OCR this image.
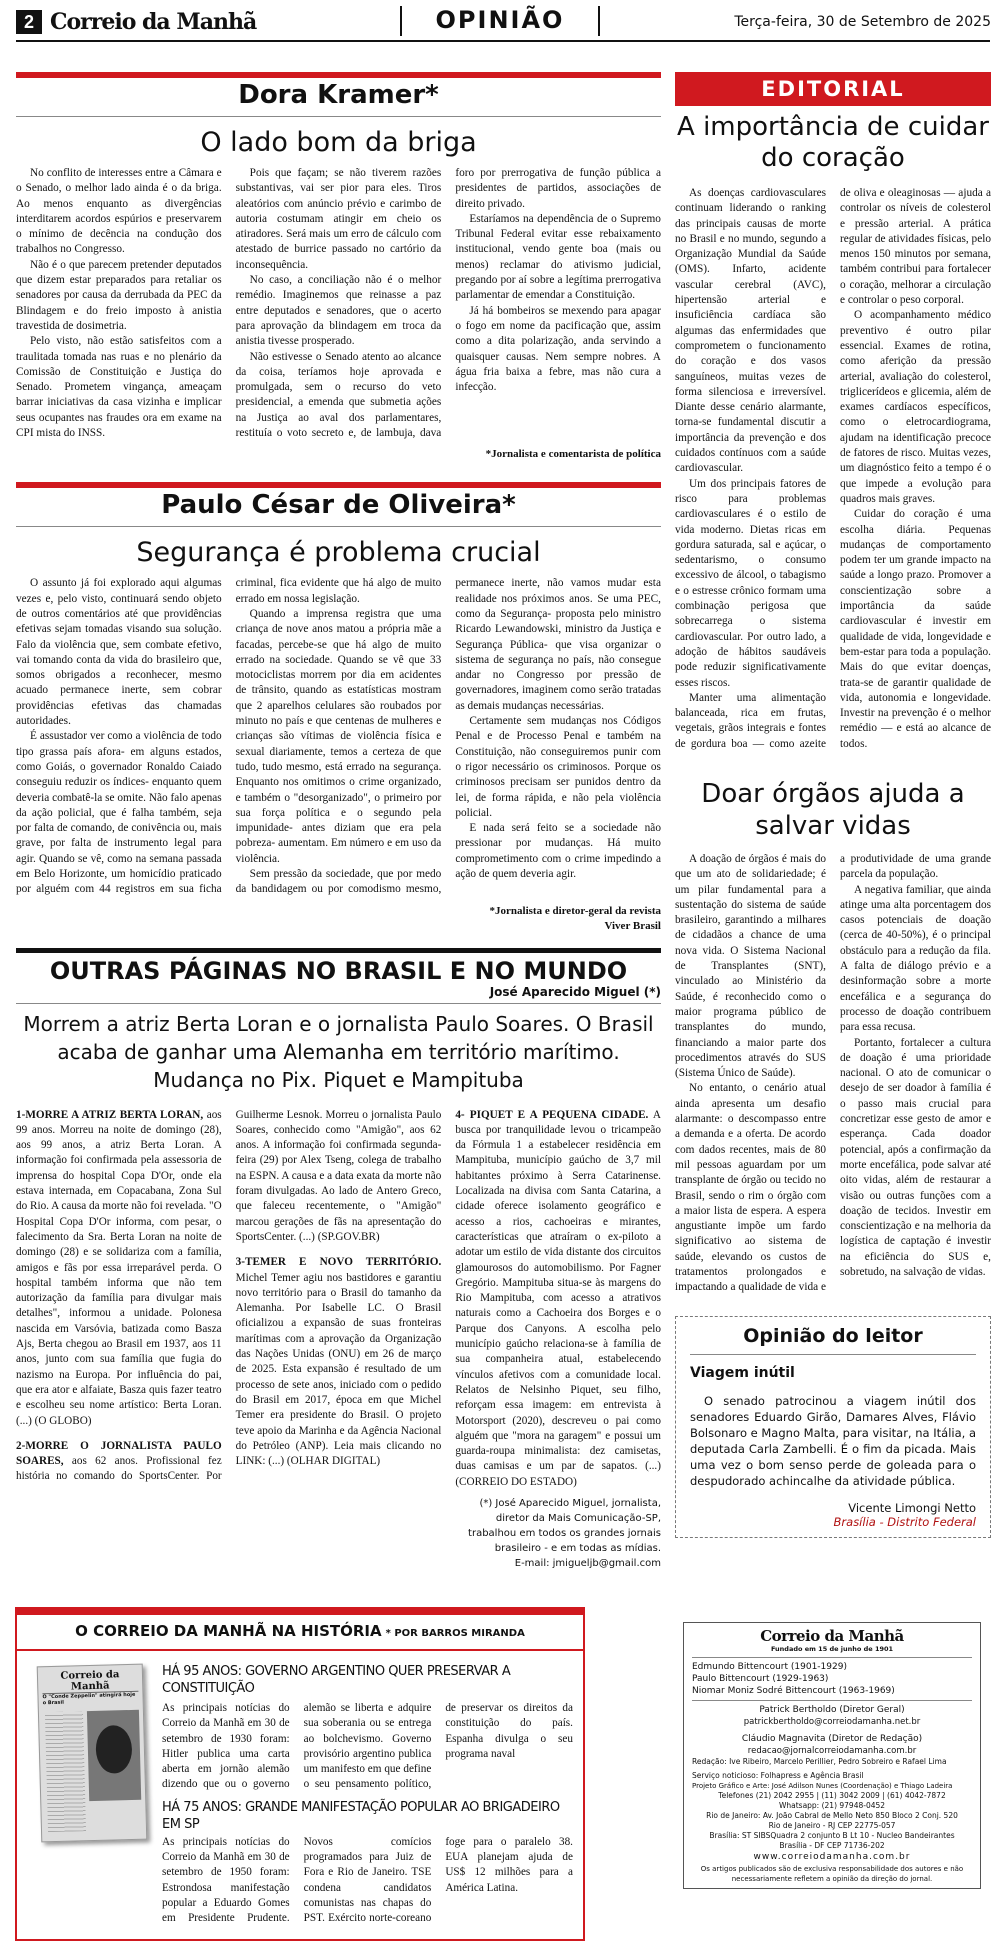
2 Correio da Manhã	OPINIÃO	Terça-feira, 30 de Setembro de 2025
Dora Kramer*
O lado bom da briga

No conflito de interesses entre a Câmara e o Senado, o melhor lado ainda é o da briga. Ao menos enquanto as divergências interditarem acordos espúrios e preservarem o mínimo de decência na condução dos trabalhos no Congresso.

Não é o que parecem pretender deputados que dizem estar preparados para retaliar os senadores por causa da derrubada da PEC da Blindagem e do freio imposto à anistia travestida de dosimetria.

Pelo visto, não estão satisfeitos com a traulitada tomada nas ruas e no plenário da Comissão de Constituição e Justiça do Senado. Prometem vingança, ameaçam barrar iniciativas da casa vizinha e implicar seus ocupantes nas fraudes ora em exame na CPI mista do INSS.

Pois que façam; se não tiverem razões substantivas, vai ser pior para eles. Tiros aleatórios com anúncio prévio e carimbo de autoria costumam atingir em cheio os atiradores. Será mais um erro de cálculo com atestado de burrice passado no cartório da inconsequência.

No caso, a conciliação não é o melhor remédio. Imaginemos que reinasse a paz entre deputados e senadores, que o acerto para aprovação da blindagem em troca da anistia tivesse prosperado.

Não estivesse o Senado atento ao alcance da coisa, teríamos hoje aprovada e promulgada, sem o recurso do veto presidencial, a emenda que submetia ações na Justiça ao aval dos parlamentares, restituía o voto secreto e, de lambuja, dava foro por prerrogativa de função pública a presidentes de partidos, associações de direito privado.

Estaríamos na dependência de o Supremo Tribunal Federal evitar esse rebaixamento institucional, vendo gente boa (mais ou menos) reclamar do ativismo judicial, pregando por aí sobre a legítima prerrogativa parlamentar de emendar a Constituição.

Já há bombeiros se mexendo para apagar o fogo em nome da pacificação que, assim como a dita polarização, anda servindo a quaisquer causas. Nem sempre nobres. A água fria baixa a febre, mas não cura a infecção.

*Jornalista e comentarista de política
Paulo César de Oliveira*
Segurança é problema crucial

O assunto já foi explorado aqui algumas vezes e, pelo visto, continuará sendo objeto de outros comentários até que providências efetivas sejam tomadas visando sua solução. Falo da violência que, sem combate efetivo, vai tomando conta da vida do brasileiro que, somos obrigados a reconhecer, mesmo acuado permanece inerte, sem cobrar providências efetivas das chamadas autoridades.

É assustador ver como a violência de todo tipo grassa país afora- em alguns estados, como Goiás, o governador Ronaldo Caiado conseguiu reduzir os índices- enquanto quem deveria combatê-la se omite. Não falo apenas da ação policial, que é falha também, seja por falta de comando, de conivência ou, mais grave, por falta de instrumento legal para agir. Quando se vê, como na semana passada em Belo Horizonte, um homicídio praticado por alguém com 44 registros em sua ficha criminal, fica evidente que há algo de muito errado em nossa legislação.

Quando a imprensa registra que uma criança de nove anos matou a própria mãe a facadas, percebe-se que há algo de muito errado na sociedade. Quando se vê que 33 motociclistas morrem por dia em acidentes de trânsito, quando as estatísticas mostram que 2 aparelhos celulares são roubados por minuto no país e que centenas de mulheres e crianças são vítimas de violência física e sexual diariamente, temos a certeza de que tudo, tudo mesmo, está errado na segurança. Enquanto nos omitimos o crime organizado, e também o "desorganizado", o primeiro por sua força política e o segundo pela impunidade- antes diziam que era pela pobreza- aumentam. Em número e em uso da violência.

Sem pressão da sociedade, que por medo da bandidagem ou por comodismo mesmo, permanece inerte, não vamos mudar esta realidade nos próximos anos. Se uma PEC, como da Segurança- proposta pelo ministro Ricardo Lewandowski, ministro da Justiça e Segurança Pública- que visa organizar o sistema de segurança no país, não consegue andar no Congresso por pressão de governadores, imaginem como serão tratadas as demais mudanças necessárias.

Certamente sem mudanças nos Códigos Penal e de Processo Penal e também na Constituição, não conseguiremos punir com o rigor necessário os criminosos. Porque os criminosos precisam ser punidos dentro da lei, de forma rápida, e não pela violência policial.

E nada será feito se a sociedade não pressionar por mudanças. Há muito comprometimento com o crime impedindo a ação de quem deveria agir.

*Jornalista e diretor-geral da revista Viver Brasil
OUTRAS PÁGINAS NO BRASIL E NO MUNDO
José Aparecido Miguel (*)
Morrem a atriz Berta Loran e o jornalista Paulo Soares. O Brasil acaba de ganhar uma Alemanha em território marítimo. Mudança no Pix. Piquet e Mampituba

1-MORRE A ATRIZ BERTA LORAN, aos 99 anos. Morreu na noite de domingo (28), aos 99 anos, a atriz Berta Loran. A informação foi confirmada pela assessoria de imprensa do hospital Copa D'Or, onde ela estava internada, em Copacabana, Zona Sul do Rio. A causa da morte não foi revelada. "O Hospital Copa D'Or informa, com pesar, o falecimento da Sra. Berta Loran na noite de domingo (28) e se solidariza com a família, amigos e fãs por essa irreparável perda. O hospital também informa que não tem autorização da família para divulgar mais detalhes", informou a unidade. Polonesa nascida em Varsóvia, batizada como Basza Ajs, Berta chegou ao Brasil em 1937, aos 11 anos, junto com sua família que fugia do nazismo na Europa. Por influência do pai, que era ator e alfaiate, Basza quis fazer teatro e escolheu seu nome artístico: Berta Loran. (...) (O GLOBO)

2-MORRE O JORNALISTA PAULO SOARES, aos 62 anos. Profissional fez história no comando do SportsCenter. Por Guilherme Lesnok. Morreu o jornalista Paulo Soares, conhecido como "Amigão", aos 62 anos. A informação foi confirmada segunda-feira (29) por Alex Tseng, colega de trabalho na ESPN. A causa e a data exata da morte não foram divulgadas. Ao lado de Antero Greco, que faleceu recentemente, o "Amigão" marcou gerações de fãs na apresentação do SportsCenter. (...) (SP.GOV.BR)

3-TEMER E NOVO TERRITÓRIO. Michel Temer agiu nos bastidores e garantiu novo território para o Brasil do tamanho da Alemanha. Por Isabelle LC. O Brasil oficializou a expansão de suas fronteiras marítimas com a aprovação da Organização das Nações Unidas (ONU) em 26 de março de 2025. Esta expansão é resultado de um processo de sete anos, iniciado com o pedido do Brasil em 2017, época em que Michel Temer era presidente do Brasil. O projeto teve apoio da Marinha e da Agência Nacional do Petróleo (ANP). Leia mais clicando no LINK: (...) (OLHAR DIGITAL)

4- PIQUET E A PEQUENA CIDADE. A busca por tranquilidade levou o tricampeão da Fórmula 1 a estabelecer residência em Mampituba, município gaúcho de 3,7 mil habitantes próximo à Serra Catarinense. Localizada na divisa com Santa Catarina, a cidade oferece isolamento geográfico e acesso a rios, cachoeiras e mirantes, características que atraíram o ex-piloto a adotar um estilo de vida distante dos circuitos glamourosos do automobilismo. Por Fagner Gregório. Mampituba situa-se às margens do Rio Mampituba, com acesso a atrativos naturais como a Cachoeira dos Borges e o Parque dos Canyons. A escolha pelo município gaúcho relaciona-se à família de sua companheira atual, estabelecendo vínculos afetivos com a comunidade local. Relatos de Nelsinho Piquet, seu filho, reforçam essa imagem: em entrevista à Motorsport (2020), descreveu o pai como alguém que "mora na garagem" e possui um guarda-roupa minimalista: dez camisetas, duas camisas e um par de sapatos. (...) (CORREIO DO ESTADO)

(*) José Aparecido Miguel, jornalista,
diretor da Mais Comunicação-SP,
trabalhou em todos os grandes jornais
brasileiro - e em todas as mídias.
E-mail: jmigueljb@gmail.com
EDITORIAL
A importância de cuidar do coração

As doenças cardiovasculares continuam liderando o ranking das principais causas de morte no Brasil e no mundo, segundo a Organização Mundial da Saúde (OMS). Infarto, acidente vascular cerebral (AVC), hipertensão arterial e insuficiência cardíaca são algumas das enfermidades que comprometem o funcionamento do coração e dos vasos sanguíneos, muitas vezes de forma silenciosa e irreversível. Diante desse cenário alarmante, torna-se fundamental discutir a importância da prevenção e dos cuidados contínuos com a saúde cardiovascular.

Um dos principais fatores de risco para problemas cardiovasculares é o estilo de vida moderno. Dietas ricas em gordura saturada, sal e açúcar, o sedentarismo, o consumo excessivo de álcool, o tabagismo e o estresse crônico formam uma combinação perigosa que sobrecarrega o sistema cardiovascular. Por outro lado, a adoção de hábitos saudáveis pode reduzir significativamente esses riscos.

Manter uma alimentação balanceada, rica em frutas, vegetais, grãos integrais e fontes de gordura boa — como azeite de oliva e oleaginosas — ajuda a controlar os níveis de colesterol e pressão arterial. A prática regular de atividades físicas, pelo menos 150 minutos por semana, também contribui para fortalecer o coração, melhorar a circulação e controlar o peso corporal.

O acompanhamento médico preventivo é outro pilar essencial. Exames de rotina, como aferição da pressão arterial, avaliação do colesterol, triglicerídeos e glicemia, além de exames cardíacos específicos, como o eletrocardiograma, ajudam na identificação precoce de fatores de risco. Muitas vezes, um diagnóstico feito a tempo é o que impede a evolução para quadros mais graves.

Cuidar do coração é uma escolha diária. Pequenas mudanças de comportamento podem ter um grande impacto na saúde a longo prazo. Promover a conscientização sobre a importância da saúde cardiovascular é investir em qualidade de vida, longevidade e bem-estar para toda a população. Mais do que evitar doenças, trata-se de garantir qualidade de vida, autonomia e longevidade. Investir na prevenção é o melhor remédio — e está ao alcance de todos.

Doar órgãos ajuda a salvar vidas

A doação de órgãos é mais do que um ato de solidariedade; é um pilar fundamental para a sustentação do sistema de saúde brasileiro, garantindo a milhares de cidadãos a chance de uma nova vida. O Sistema Nacional de Transplantes (SNT), vinculado ao Ministério da Saúde, é reconhecido como o maior programa público de transplantes do mundo, financiando a maior parte dos procedimentos através do SUS (Sistema Único de Saúde).

No entanto, o cenário atual ainda apresenta um desafio alarmante: o descompasso entre a demanda e a oferta. De acordo com dados recentes, mais de 80 mil pessoas aguardam por um transplante de órgão ou tecido no Brasil, sendo o rim o órgão com a maior lista de espera. A espera angustiante impõe um fardo significativo ao sistema de saúde, elevando os custos de tratamentos prolongados e impactando a qualidade de vida e a produtividade de uma grande parcela da população.

A negativa familiar, que ainda atinge uma alta porcentagem dos casos potenciais de doação (cerca de 40-50%), é o principal obstáculo para a redução da fila. A falta de diálogo prévio e a desinformação sobre a morte encefálica e a segurança do processo de doação contribuem para essa recusa.

Portanto, fortalecer a cultura de doação é uma prioridade nacional. O ato de comunicar o desejo de ser doador à família é o passo mais crucial para concretizar esse gesto de amor e esperança. Cada doador potencial, após a confirmação da morte encefálica, pode salvar até oito vidas, além de restaurar a visão ou outras funções com a doação de tecidos. Investir em conscientização e na melhoria da logística de captação é investir na eficiência do SUS e, sobretudo, na salvação de vidas.

Opinião do leitor
Viagem inútil
O senado patrocinou a viagem inútil dos senadores Eduardo Girão, Damares Alves, Flávio Bolsonaro e Magno Malta, para visitar, na Itália, a deputada Carla Zambelli. É o fim da picada. Mais uma vez o bom senso perde de goleada para o despudorado achincalhe da atividade pública.
Vicente Limongi Netto
Brasília - Distrito Federal
O CORREIO DA MANHÃ NA HISTÓRIA * POR BARROS MIRANDA
Correio da Manhã
O "Conde Zeppelin" atingirá hoje o Brasil
HÁ 95 ANOS: GOVERNO ARGENTINO QUER PRESERVAR A CONSTITUIÇÃO
As principais notícias do Correio da Manhã em 30 de setembro de 1930 foram: Hitler publica uma carta aberta em jornão alemão dizendo que ou o governo alemão se liberta e adquire sua soberania ou se entrega ao bolchevismo. Governo provisório argentino publica um manifesto em que define o seu pensamento político, de preservar os direitos da constituição do país. Espanha divulga o seu programa naval
HÁ 75 ANOS: GRANDE MANIFESTAÇÃO POPULAR AO BRIGADEIRO EM SP
As principais notícias do Correio da Manhã em 30 de setembro de 1950 foram: Estrondosa manifestação popular a Eduardo Gomes em Presidente Prudente. Novos comícios programados para Juiz de Fora e Rio de Janeiro. TSE condena candidatos comunistas nas chapas do PST. Exército norte-coreano foge para o paralelo 38. EUA planejam ajuda de US$ 12 milhões para a América Latina.
Correio da Manhã
Fundado em 15 de junho de 1901
Edmundo Bittencourt (1901-1929)
Paulo Bittencourt (1929-1963)
Niomar Moniz Sodré Bittencourt (1963-1969)
Patrick Bertholdo (Diretor Geral)
patrickbertholdo@correiodamanha.net.br
Cláudio Magnavita (Diretor de Redação)
redacao@jornalcorreiodamanha.com.br
Redação: Ive Ribeiro, Marcelo Perillier, Pedro Sobreiro e Rafael Lima
Serviço noticioso: Folhapress e Agência Brasil
Projeto Gráfico e Arte: José Adilson Nunes (Coordenação) e Thiago Ladeira
Telefones (21) 2042 2955 | (11) 3042 2009 | (61) 4042-7872
Whatsapp: (21) 97948-0452
Rio de Janeiro: Av. João Cabral de Mello Neto 850 Bloco 2 Conj. 520
Rio de Janeiro - RJ CEP 22775-057
Brasília: ST SIBSQuadra 2 conjunto B Lt 10 - Nucleo Bandeirantes
Brasília - DF CEP 71736-202
www.correiodamanha.com.br
Os artigos publicados são de exclusiva responsabilidade dos autores e não necessariamente refletem a opinião da direção do jornal.
